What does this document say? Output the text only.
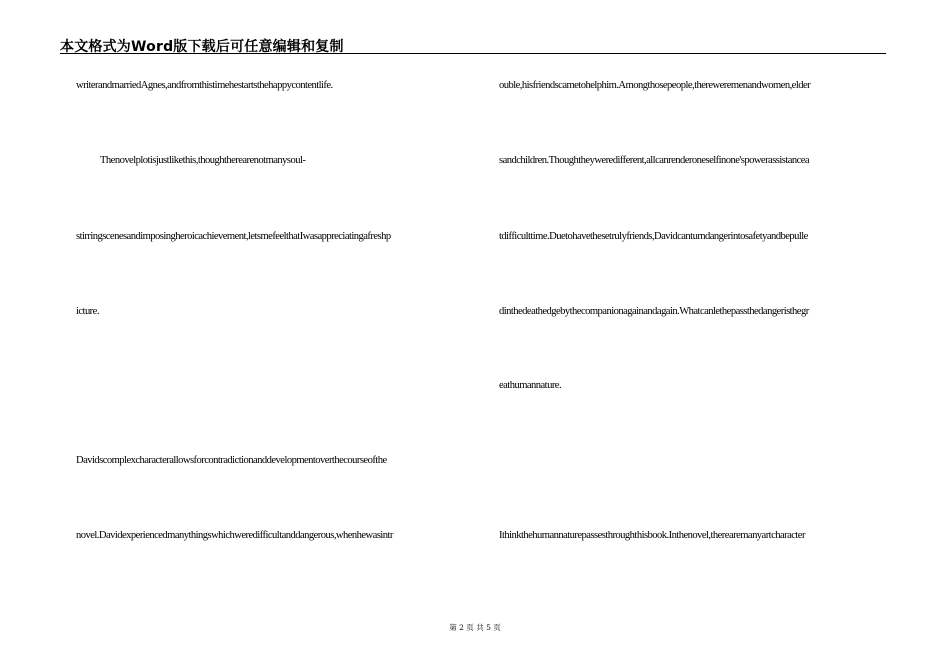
本文格式为Word版下载后可任意编辑和复制
writerandmarriedAgnes,andfromthistimehestartsthehappycontentlife.
Thenovelplotisjustlikethis,thoughtherearenotmanysoul-
stirringscenesandimposingheroicachievement,letsmefeelthatIwasappreciatingafreshp
icture.
Davidscomplexcharacterallowsforcontradictionanddevelopmentoverthecourseofthe
novel.Davidexperiencedmanythingswhichweredifficultanddangerous,whenhewasintr
ouble,hisfriendscametohelphim.Amongthosepeople,thereweremenandwomen,elder
sandchildren.Thoughtheyweredifferent,allcanrenderoneselfinone'spowerassistancea
tdifficulttime.Duetohavethesetrulyfriends,Davidcanturndangerintosafetyandbepulle
dinthedeathedgebythecompanionagainandagain.Whatcanlethepassthedangeristhegr
eathumannature.
Ithinkthehumannaturepassesthroughthisbook.Inthenovel,therearemanyartcharacter
第 2 页 共 5 页
